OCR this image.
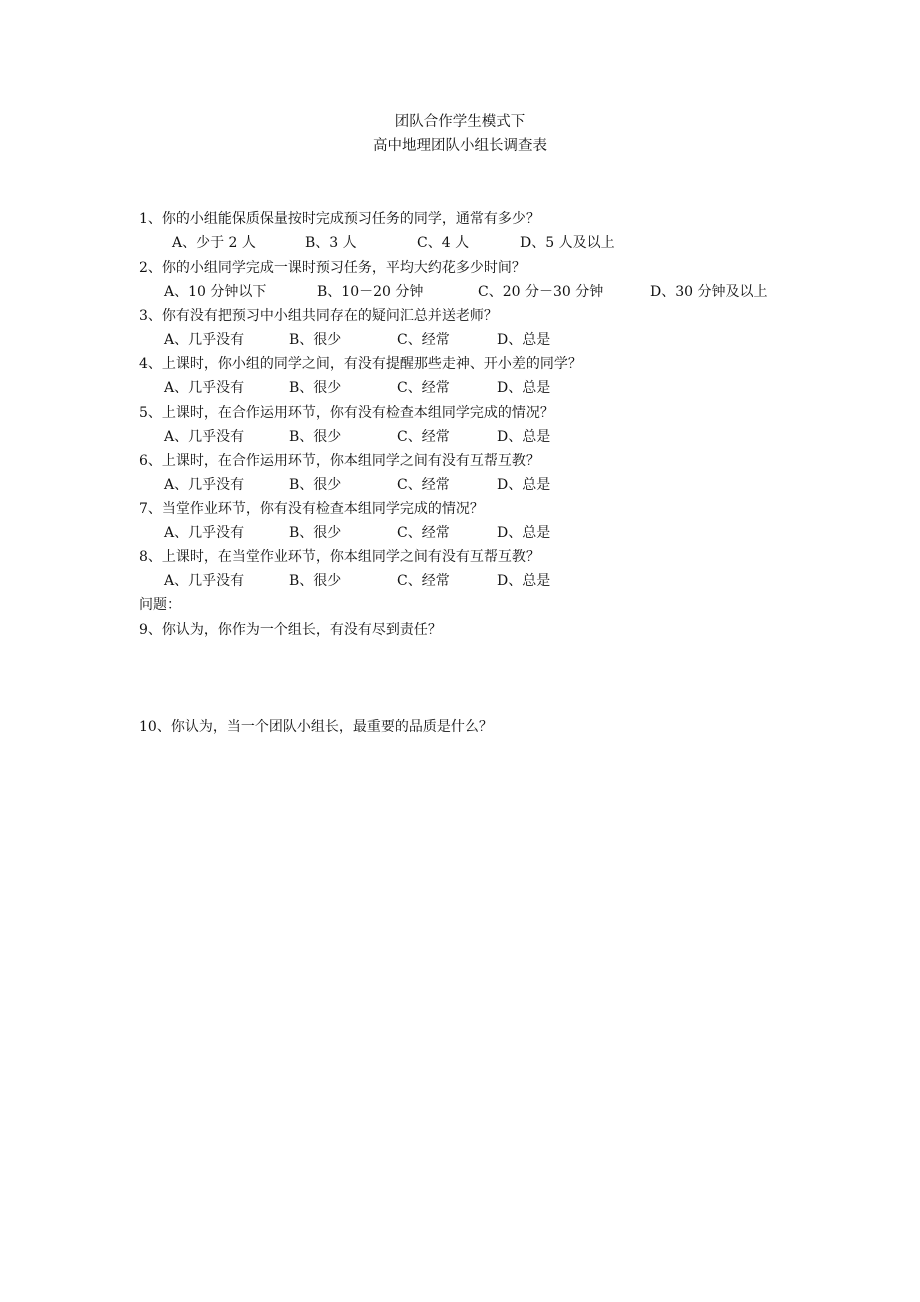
团队合作学生模式下
高中地理团队小组长调查表
1、你的小组能保质保量按时完成预习任务的同学，通常有多少？
A、少于 2 人	B、3 人	C、4 人	D、5 人及以上
2、你的小组同学完成一课时预习任务，平均大约花多少时间？
A、10 分钟以下	B、10－20 分钟	C、20 分－30 分钟	D、30 分钟及以上
3、你有没有把预习中小组共同存在的疑问汇总并送老师？
A、几乎没有	B、很少	C、经常	D、总是
4、上课时，你小组的同学之间，有没有提醒那些走神、开小差的同学？
A、几乎没有	B、很少	C、经常	D、总是
5、上课时，在合作运用环节，你有没有检查本组同学完成的情况？
A、几乎没有	B、很少	C、经常	D、总是
6、上课时，在合作运用环节，你本组同学之间有没有互帮互教？
A、几乎没有	B、很少	C、经常	D、总是
7、当堂作业环节，你有没有检查本组同学完成的情况？
A、几乎没有	B、很少	C、经常	D、总是
8、上课时，在当堂作业环节，你本组同学之间有没有互帮互教？
A、几乎没有	B、很少	C、经常	D、总是
问题：
9、你认为，你作为一个组长，有没有尽到责任？
10、你认为，当一个团队小组长，最重要的品质是什么？
